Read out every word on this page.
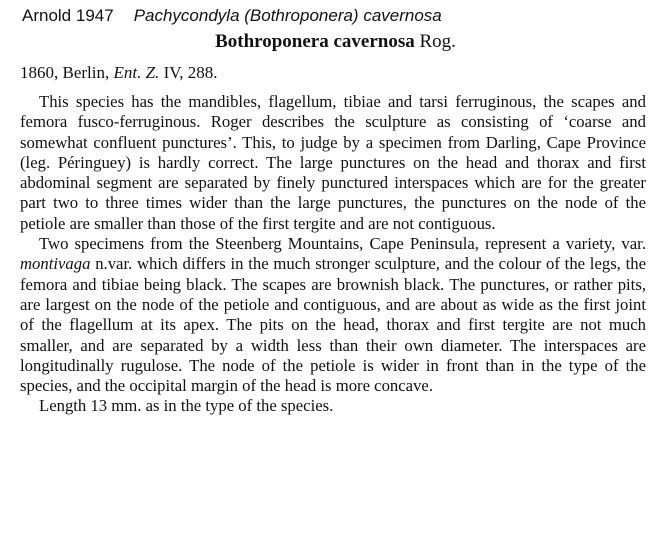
Arnold 1947 Pachycondyla (Bothroponera) cavernosa
Bothroponera cavernosa Rog.
1860, Berlin, Ent. Z. IV, 288.

This species has the mandibles, flagellum, tibiae and tarsi ferruginous, the scapes and femora fusco-ferruginous. Roger describes the sculpture as consisting of ‘coarse and somewhat confluent punctures’. This, to judge by a specimen from Darling, Cape Province (leg. Péringuey) is hardly correct. The large punctures on the head and thorax and first abdominal segment are separated by finely punctured interspaces which are for the greater part two to three times wider than the large punctures, the punctures on the node of the petiole are smaller than those of the first tergite and are not contiguous.

Two specimens from the Steenberg Mountains, Cape Peninsula, represent a variety, var. montivaga n.var. which differs in the much stronger sculpture, and the colour of the legs, the femora and tibiae being black. The scapes are brownish black. The punctures, or rather pits, are largest on the node of the petiole and contiguous, and are about as wide as the first joint of the flagellum at its apex. The pits on the head, thorax and first tergite are not much smaller, and are separated by a width less than their own diameter. The interspaces are longitudinally rugulose. The node of the petiole is wider in front than in the type of the species, and the occipital margin of the head is more concave.

Length 13 mm. as in the type of the species.
